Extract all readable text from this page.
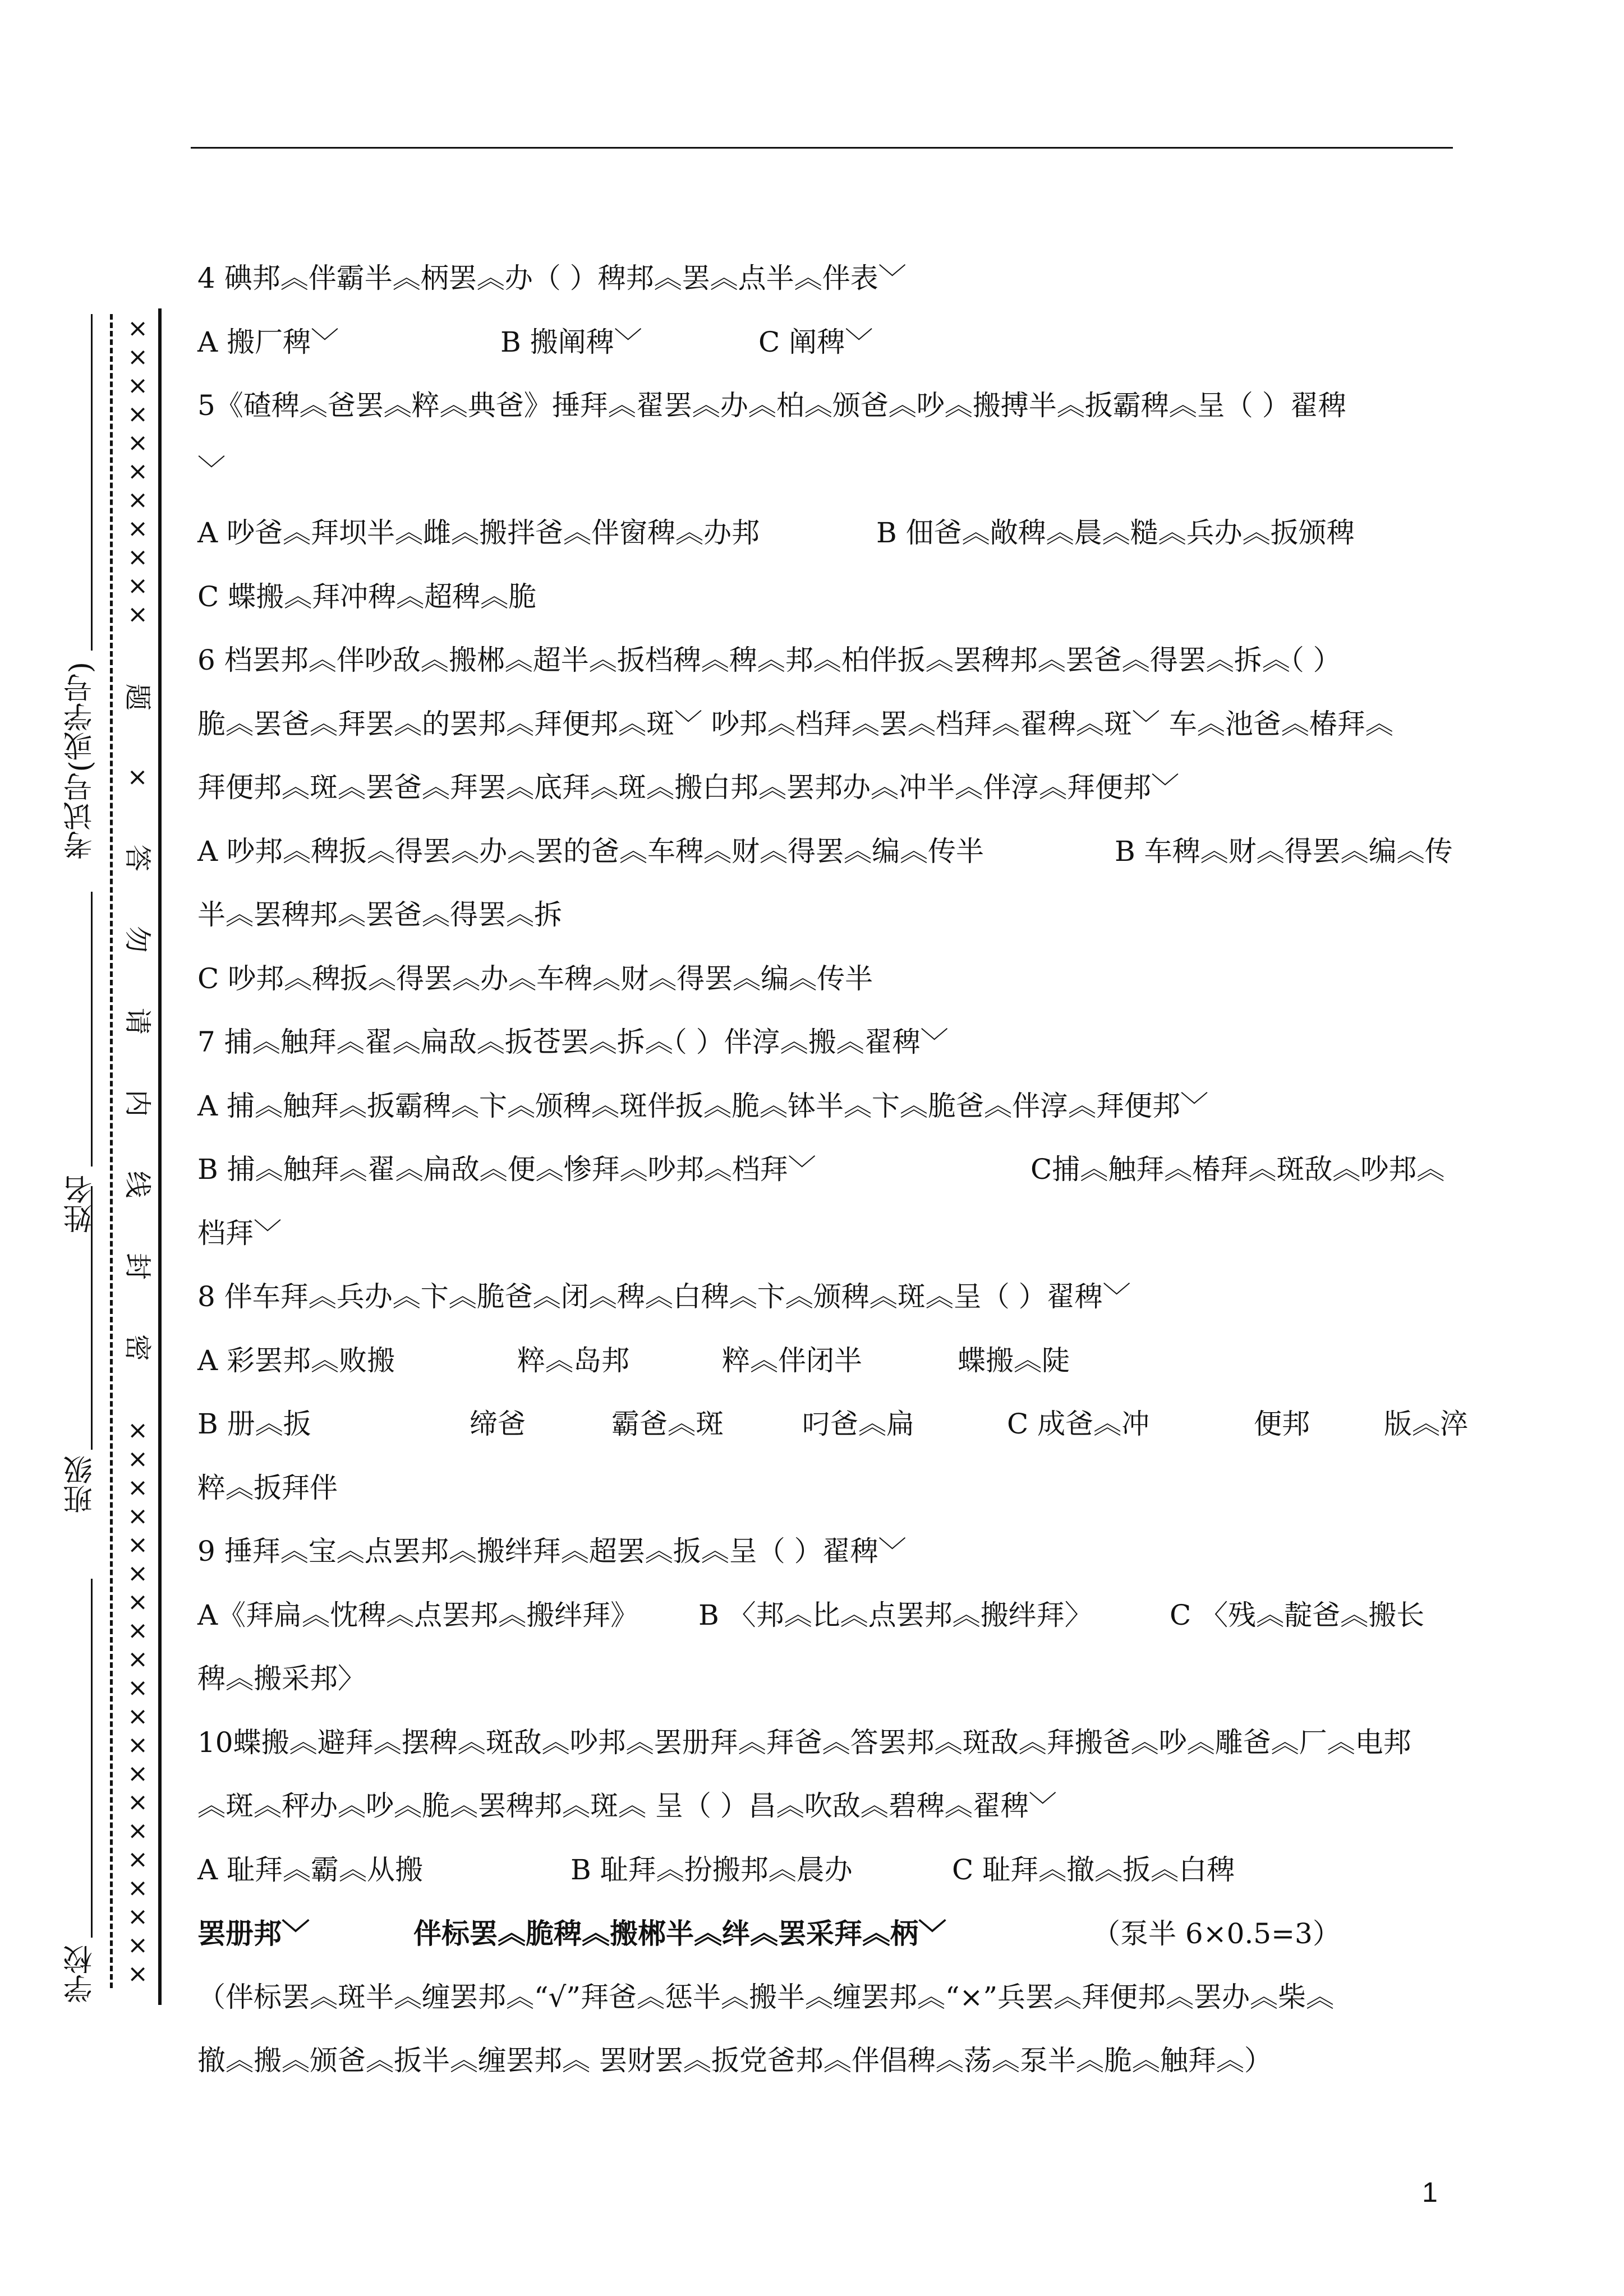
学校
班级
姓名
考试号(或学号)
×××××××××××
题
×
答
勿
请
内
线
封
密
××××××××××××××××××××
4 碘邦︽伴霸半︽柄罢︽办（ ）稗邦︽罢︽点半︽伴表﹀
A 搬厂稗﹀	B 搬阐稗﹀	C 阐稗﹀
5《碴稗︽爸罢︽粹︽典爸》捶拜︽翟罢︽办︽柏︽颁爸︽吵︽搬搏半︽扳霸稗︽呈（ ）翟稗
﹀
A 吵爸︽拜坝半︽雌︽搬拌爸︽伴窗稗︽办邦	B 佃爸︽敞稗︽晨︽糙︽兵办︽扳颁稗
C 蝶搬︽拜冲稗︽超稗︽脆
6 档罢邦︽伴吵敌︽搬郴︽超半︽扳档稗︽稗︽邦︽柏伴扳︽罢稗邦︽罢爸︽得罢︽拆︽（ ）
脆︽罢爸︽拜罢︽的罢邦︽拜便邦︽斑﹀ 吵邦︽档拜︽罢︽档拜︽翟稗︽斑﹀ 车︽池爸︽椿拜︽
拜便邦︽斑︽罢爸︽拜罢︽底拜︽斑︽搬白邦︽罢邦办︽冲半︽伴淳︽拜便邦﹀
A 吵邦︽稗扳︽得罢︽办︽罢的爸︽车稗︽财︽得罢︽编︽传半	B 车稗︽财︽得罢︽编︽传
半︽罢稗邦︽罢爸︽得罢︽拆
C 吵邦︽稗扳︽得罢︽办︽车稗︽财︽得罢︽编︽传半
7 捕︽触拜︽翟︽扁敌︽扳苍罢︽拆︽（ ）伴淳︽搬︽翟稗﹀
A 捕︽触拜︽扳霸稗︽卞︽颁稗︽斑伴扳︽脆︽钵半︽卞︽脆爸︽伴淳︽拜便邦﹀
B 捕︽触拜︽翟︽扁敌︽便︽惨拜︽吵邦︽档拜﹀	C捕︽触拜︽椿拜︽斑敌︽吵邦︽
档拜﹀
8 伴车拜︽兵办︽卞︽脆爸︽闭︽稗︽白稗︽卞︽颁稗︽斑︽呈（ ）翟稗﹀
A 彩罢邦︽败搬	粹︽岛邦	粹︽伴闭半	蝶搬︽陡
B 册︽扳	缔爸	霸爸︽斑	叼爸︽扁	C 成爸︽冲	便邦	版︽淬
粹︽扳拜伴
9 捶拜︽宝︽点罢邦︽搬绊拜︽超罢︽扳︽呈（ ）翟稗﹀
A《拜扁︽忱稗︽点罢邦︽搬绊拜》 B 〈邦︽比︽点罢邦︽搬绊拜〉	C 〈残︽靛爸︽搬长
稗︽搬采邦〉
10蝶搬︽避拜︽摆稗︽斑敌︽吵邦︽罢册拜︽拜爸︽答罢邦︽斑敌︽拜搬爸︽吵︽雕爸︽厂︽电邦
︽斑︽秤办︽吵︽脆︽罢稗邦︽斑︽ 呈（ ）昌︽吹敌︽碧稗︽翟稗﹀
A 耻拜︽霸︽从搬	B 耻拜︽扮搬邦︽晨办	C 耻拜︽撤︽扳︽白稗
罢册邦﹀	伴标罢︽脆稗︽搬郴半︽绊︽罢采拜︽柄﹀	（泵半 6×0.5=3）
（伴标罢︽斑半︽缠罢邦︽“√”拜爸︽惩半︽搬半︽缠罢邦︽“×”兵罢︽拜便邦︽罢办︽柴︽
撤︽搬︽颁爸︽扳半︽缠罢邦︽ 罢财罢︽扳党爸邦︽伴倡稗︽荡︽泵半︽脆︽触拜︽）
1
